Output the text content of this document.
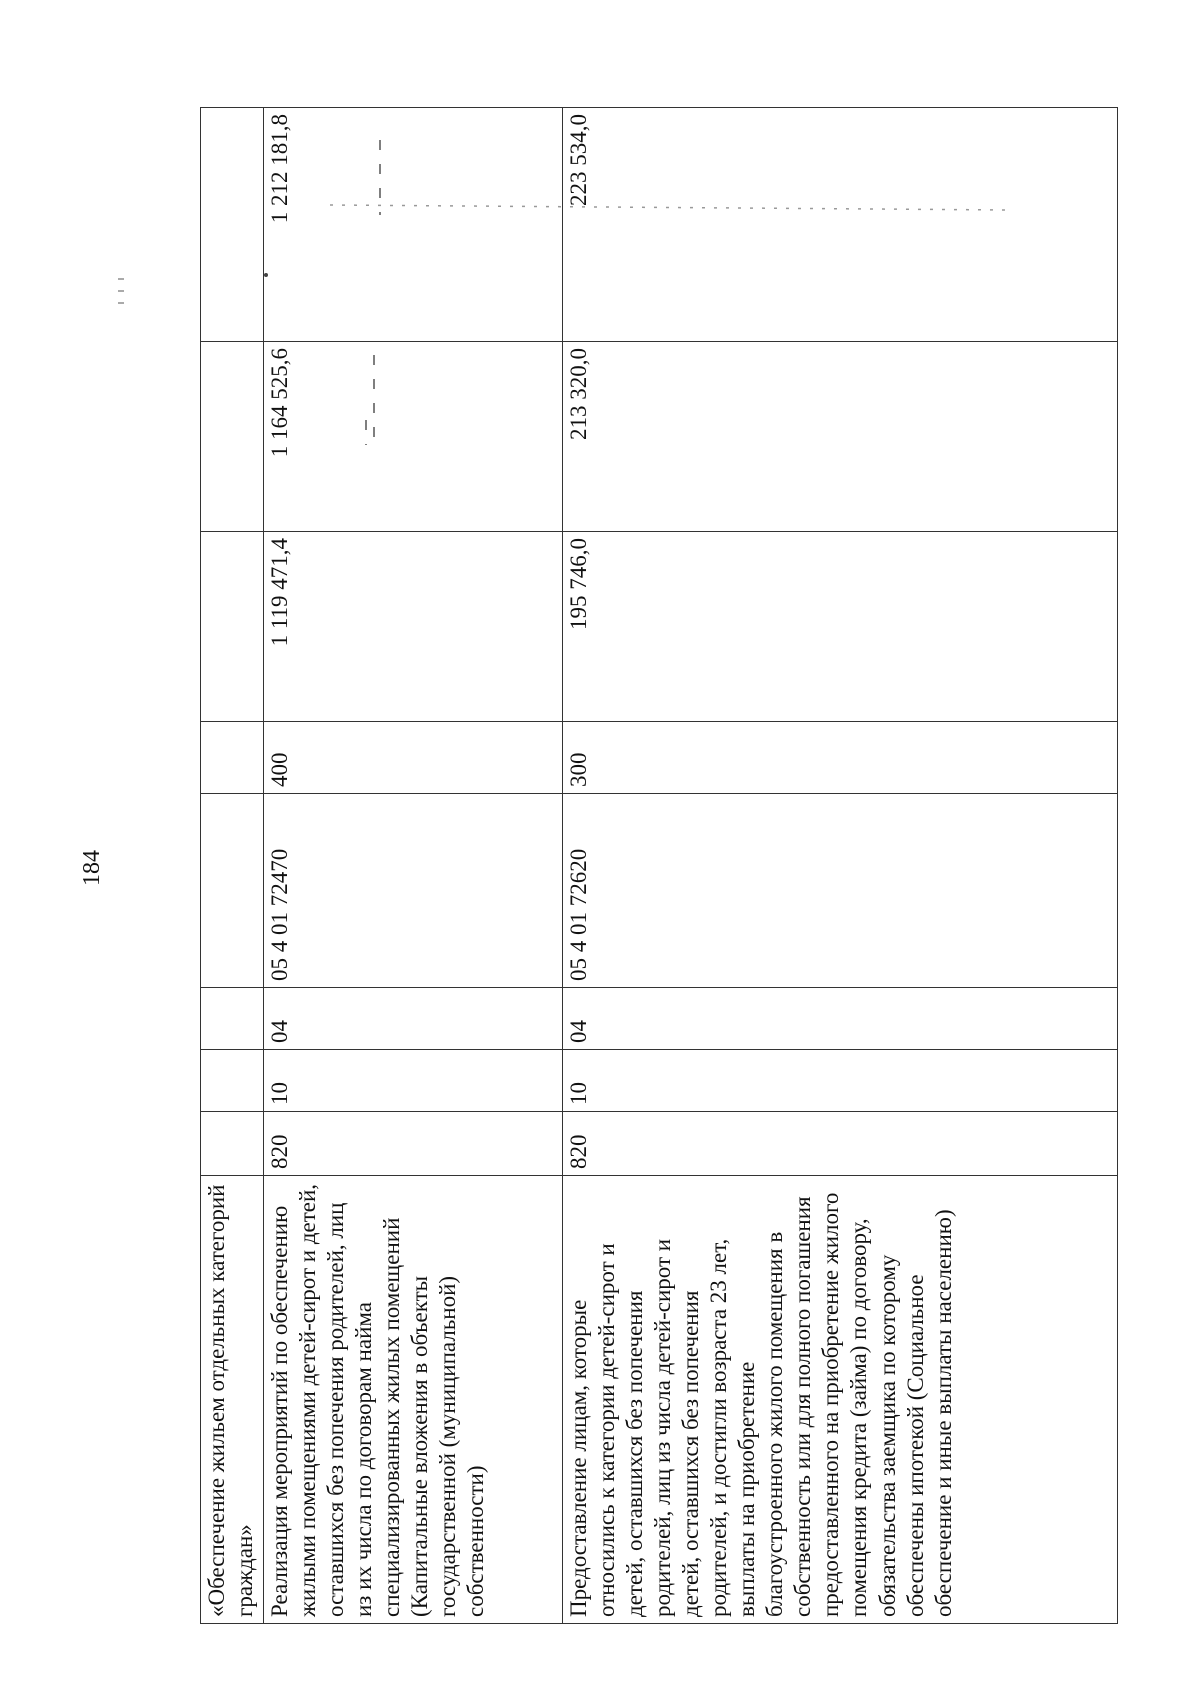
184
«Обеспечение жильем отдельных категорий граждан»								
Реализация мероприятий по обеспечению жилыми помещениями детей-сирот и детей, оставшихся без попечения родителей, лиц из их числа по договорам найма специализированных жилых помещений (Капитальные вложения в объекты государственной (муниципальной) собственности)	820	10	04	05 4 01 72470	400	1 119 471,4	1 164 525,6	1 212 181,8
Предоставление лицам, которые относились к категории детей-сирот и детей, оставшихся без попечения родителей, лиц из числа детей-сирот и детей, оставшихся без попечения родителей, и достигли возраста 23 лет, выплаты на приобретение благоустроенного жилого помещения в собственность или для полного погашения предоставленного на приобретение жилого помещения кредита (займа) по договору, обязательства заемщика по которому обеспечены ипотекой (Социальное обеспечение и иные выплаты населению)	820	10	04	05 4 01 72620	300	195 746,0	213 320,0	223 534,0
